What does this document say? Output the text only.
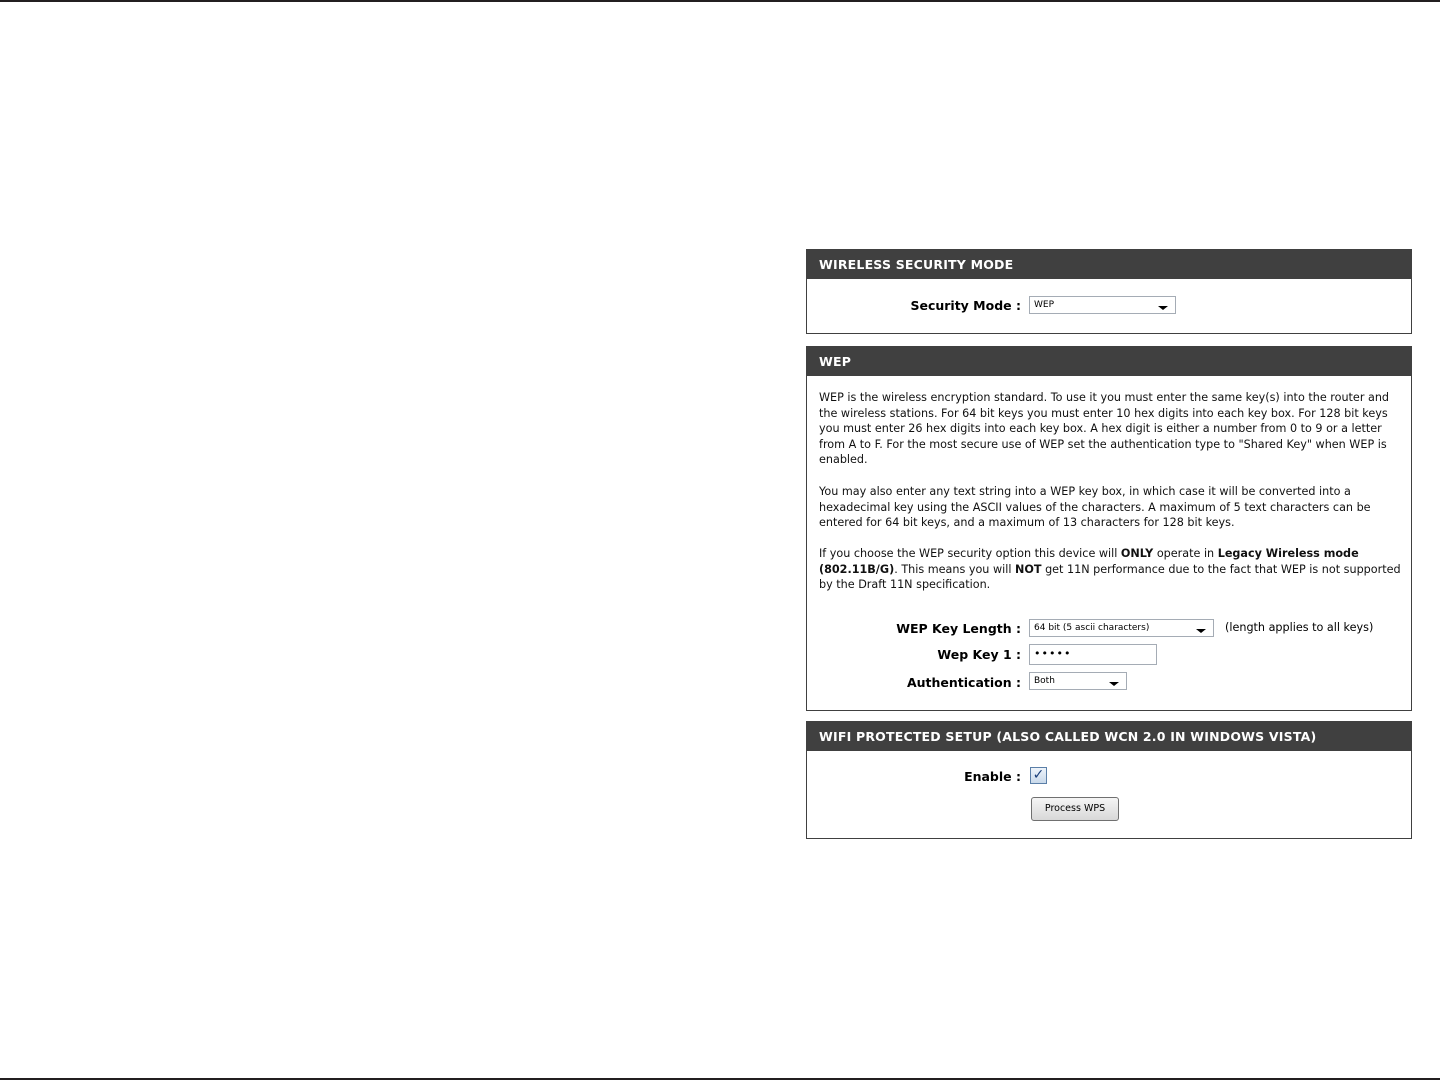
WIRELESS SECURITY MODE
Security Mode :	WEP
WEP

WEP is the wireless encryption standard. To use it you must enter the same key(s) into the router and the wireless stations. For 64 bit keys you must enter 10 hex digits into each key box. For 128 bit keys you must enter 26 hex digits into each key box. A hex digit is either a number from 0 to 9 or a letter from A to F. For the most secure use of WEP set the authentication type to "Shared Key" when WEP is enabled.

You may also enter any text string into a WEP key box, in which case it will be converted into a hexadecimal key using the ASCII values of the characters. A maximum of 5 text characters can be entered for 64 bit keys, and a maximum of 13 characters for 128 bit keys.

If you choose the WEP security option this device will ONLY operate in Legacy Wireless mode (802.11B/G). This means you will NOT get 11N performance due to the fact that WEP is not supported by the Draft 11N specification.

WEP Key Length :	64 bit (5 ascii characters)	(length applies to all keys)
Wep Key 1 :	•••••
Authentication :	Both
WIFI PROTECTED SETUP (ALSO CALLED WCN 2.0 IN WINDOWS VISTA)
Enable : ✓
Process WPS
